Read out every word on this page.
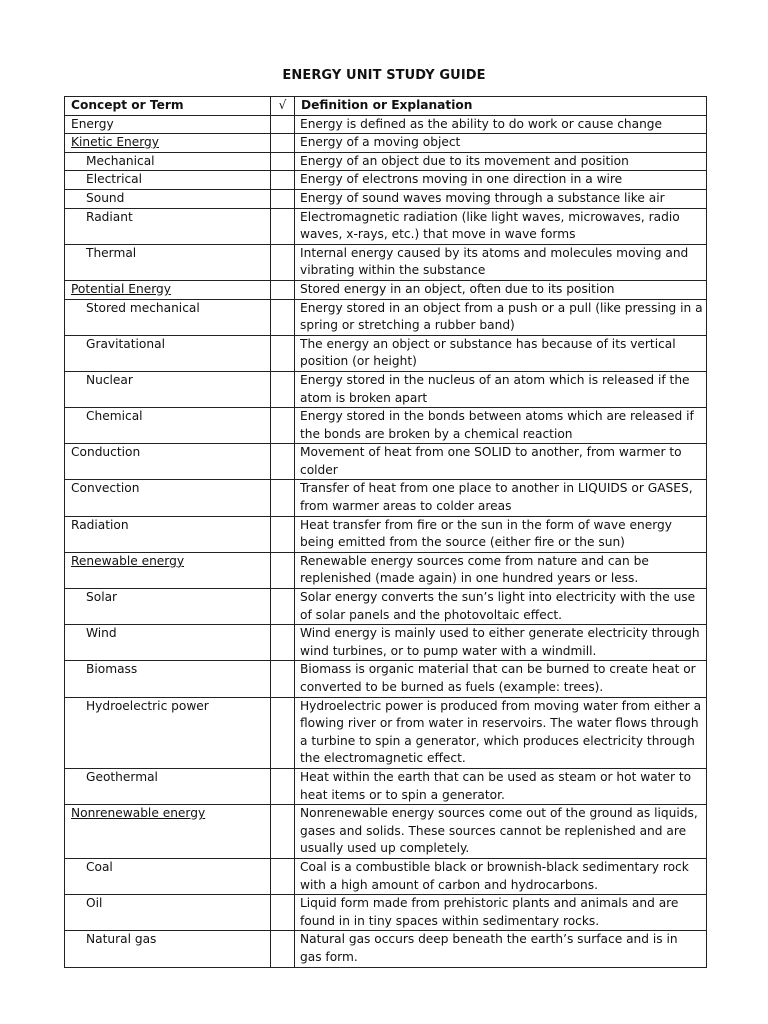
ENERGY UNIT STUDY GUIDE
Concept or Term	√	Definition or Explanation
Energy		Energy is defined as the ability to do work or cause change
Kinetic Energy		Energy of a moving object
Mechanical		Energy of an object due to its movement and position
Electrical		Energy of electrons moving in one direction in a wire
Sound		Energy of sound waves moving through a substance like air
Radiant		Electromagnetic radiation (like light waves, microwaves, radio waves, x-rays, etc.) that move in wave forms
Thermal		Internal energy caused by its atoms and molecules moving and vibrating within the substance
Potential Energy		Stored energy in an object, often due to its position
Stored mechanical		Energy stored in an object from a push or a pull (like pressing in a spring or stretching a rubber band)
Gravitational		The energy an object or substance has because of its vertical position (or height)
Nuclear		Energy stored in the nucleus of an atom which is released if the atom is broken apart
Chemical		Energy stored in the bonds between atoms which are released if the bonds are broken by a chemical reaction
Conduction		Movement of heat from one SOLID to another, from warmer to colder
Convection		Transfer of heat from one place to another in LIQUIDS or GASES, from warmer areas to colder areas
Radiation		Heat transfer from fire or the sun in the form of wave energy being emitted from the source (either fire or the sun)
Renewable energy		Renewable energy sources come from nature and can be replenished (made again) in one hundred years or less.
Solar		Solar energy converts the sun’s light into electricity with the use of solar panels and the photovoltaic effect.
Wind		Wind energy is mainly used to either generate electricity through wind turbines, or to pump water with a windmill.
Biomass		Biomass is organic material that can be burned to create heat or converted to be burned as fuels (example: trees).
Hydroelectric power		Hydroelectric power is produced from moving water from either a flowing river or from water in reservoirs. The water flows through a turbine to spin a generator, which produces electricity through the electromagnetic effect.
Geothermal		Heat within the earth that can be used as steam or hot water to heat items or to spin a generator.
Nonrenewable energy		Nonrenewable energy sources come out of the ground as liquids, gases and solids. These sources cannot be replenished and are usually used up completely.
Coal		Coal is a combustible black or brownish-black sedimentary rock with a high amount of carbon and hydrocarbons.
Oil		Liquid form made from prehistoric plants and animals and are found in in tiny spaces within sedimentary rocks.
Natural gas		Natural gas occurs deep beneath the earth’s surface and is in gas form.
